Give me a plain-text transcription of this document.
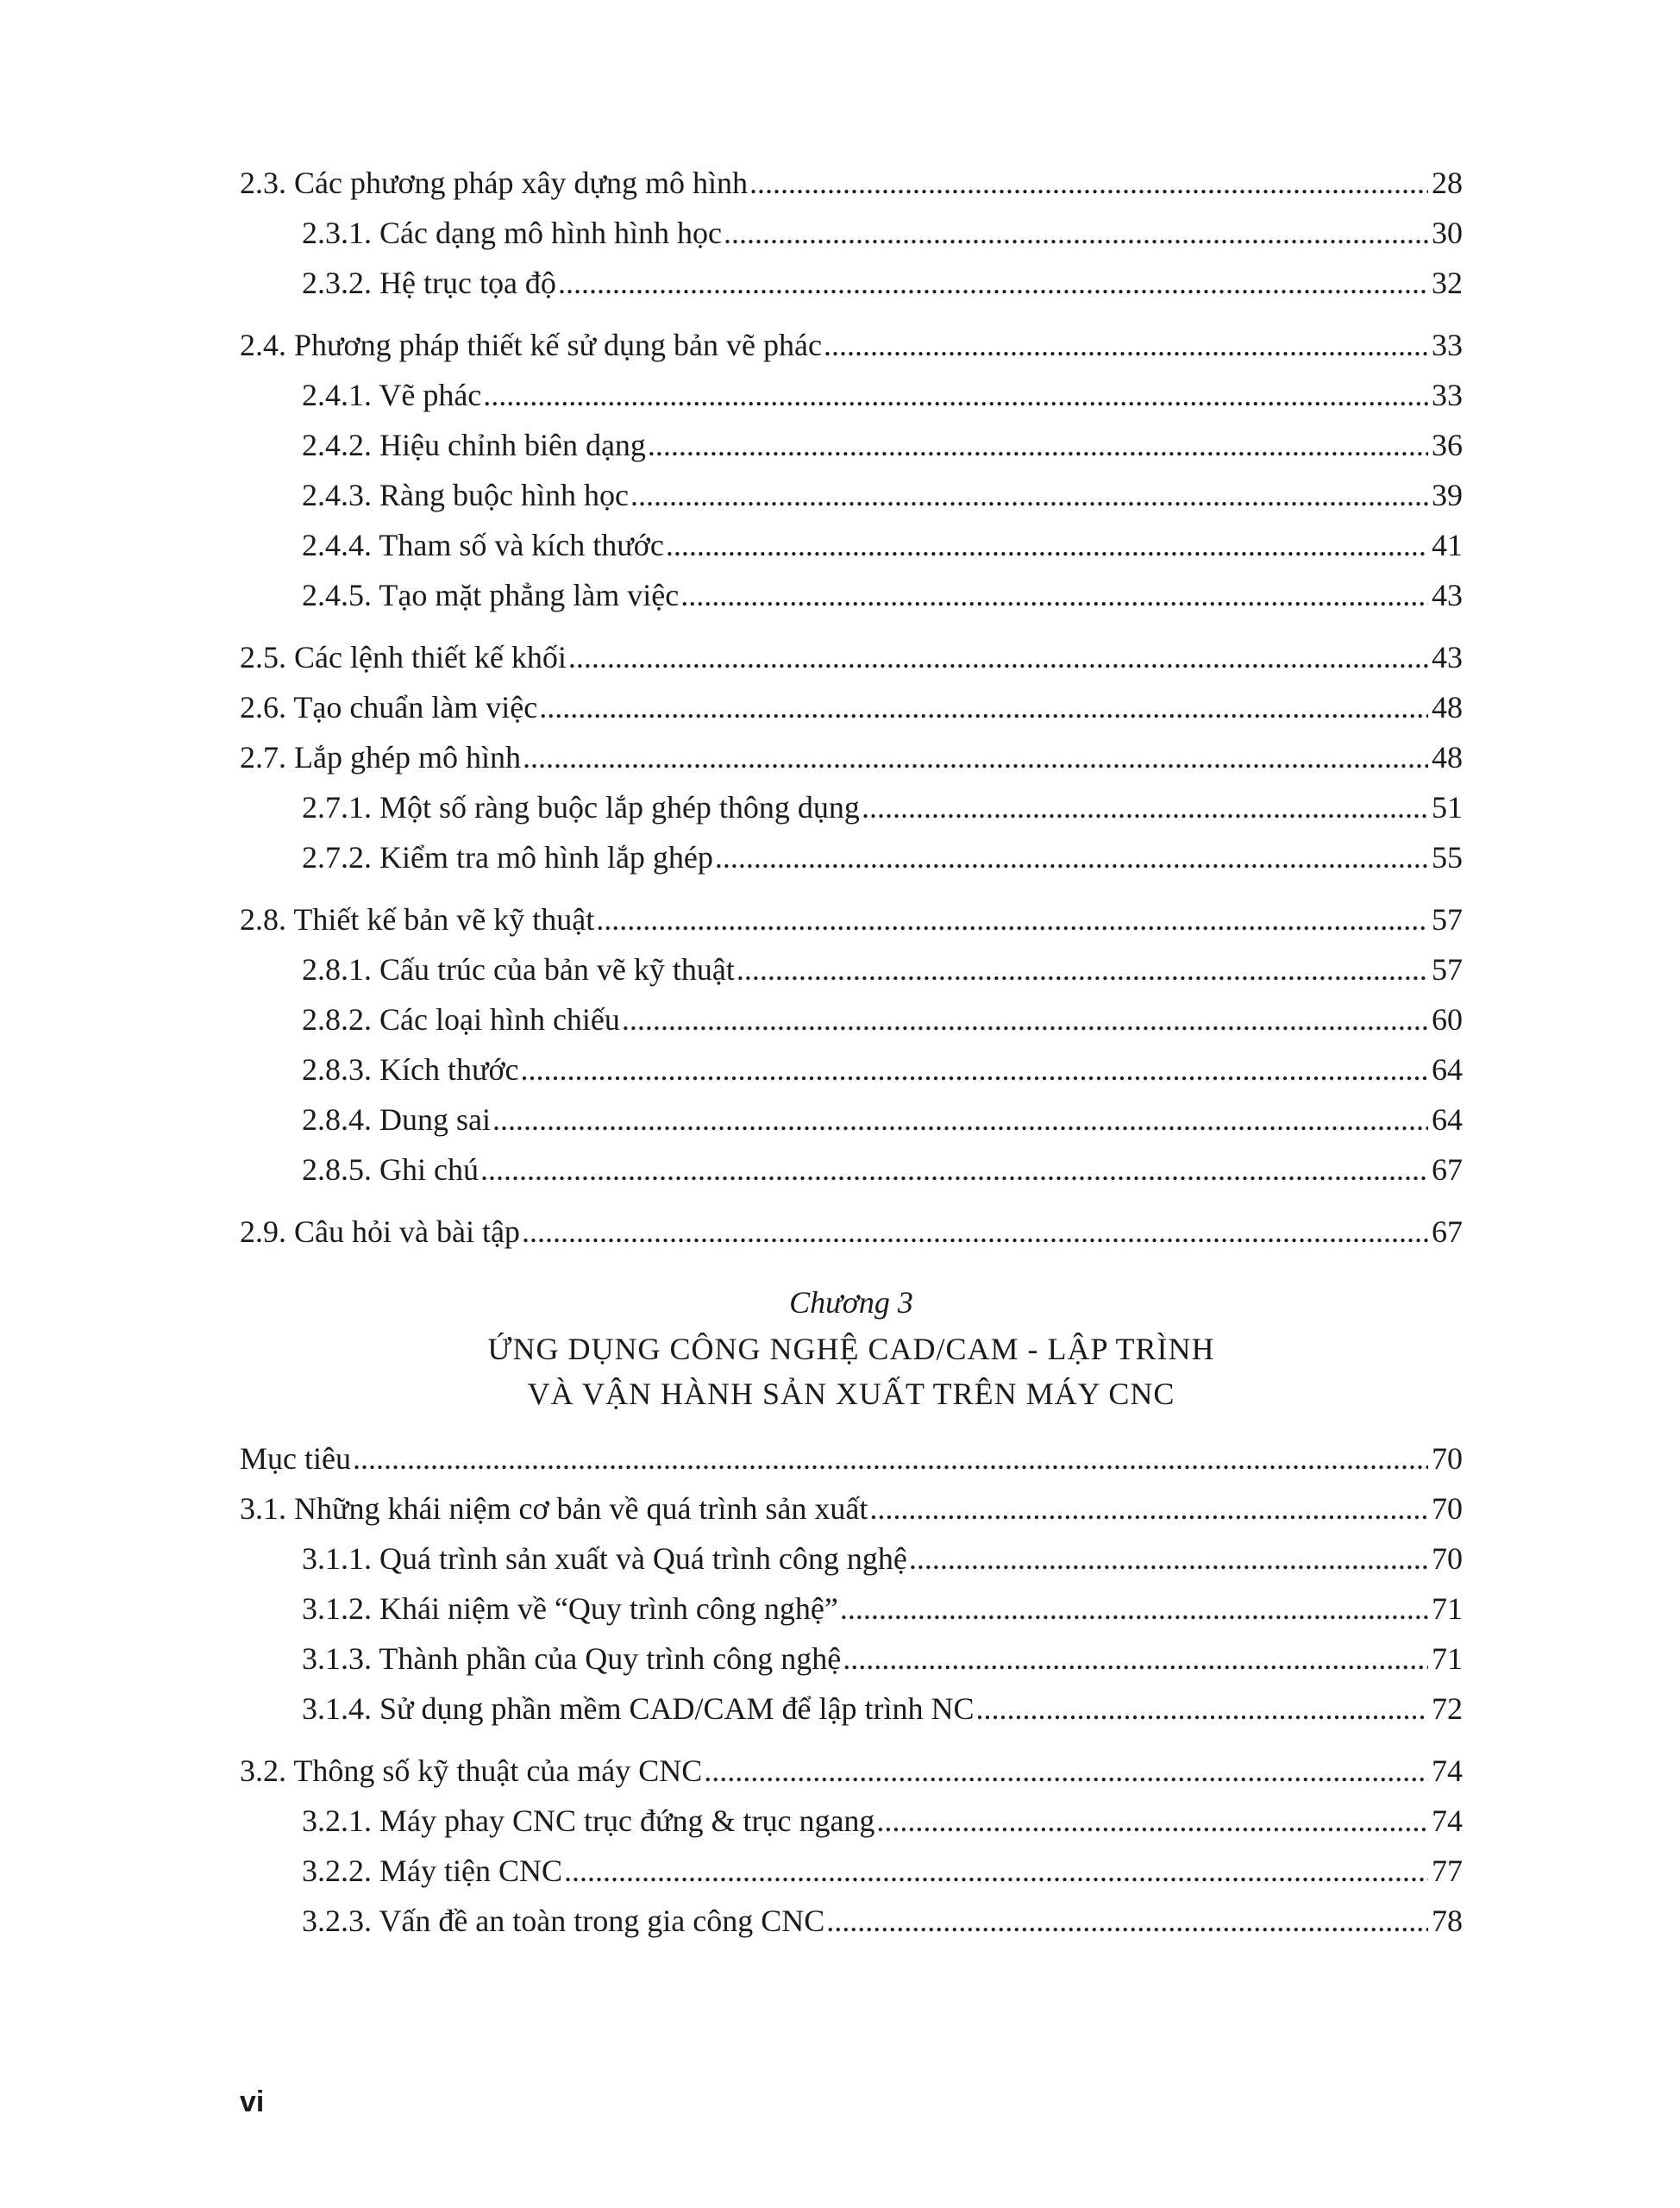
2.3. Các phương pháp xây dựng mô hình .....	28
2.3.1. Các dạng mô hình hình học .....	30
2.3.2. Hệ trục tọa độ .....	32
2.4. Phương pháp thiết kế sử dụng bản vẽ phác .....	33
2.4.1. Vẽ phác .....	33
2.4.2. Hiệu chỉnh biên dạng .....	36
2.4.3. Ràng buộc hình học .....	39
2.4.4. Tham số và kích thước .....	41
2.4.5. Tạo mặt phẳng làm việc .....	43
2.5. Các lệnh thiết kế khối .....	43
2.6. Tạo chuẩn làm việc .....	48
2.7. Lắp ghép mô hình .....	48
2.7.1. Một số ràng buộc lắp ghép thông dụng .....	51
2.7.2. Kiểm tra mô hình lắp ghép .....	55
2.8. Thiết kế bản vẽ kỹ thuật .....	57
2.8.1. Cấu trúc của bản vẽ kỹ thuật .....	57
2.8.2. Các loại hình chiếu .....	60
2.8.3. Kích thước .....	64
2.8.4. Dung sai .....	64
2.8.5. Ghi chú .....	67
2.9. Câu hỏi và bài tập .....	67
Chương 3
ỨNG DỤNG CÔNG NGHỆ CAD/CAM - LẬP TRÌNH
VÀ VẬN HÀNH SẢN XUẤT TRÊN MÁY CNC
Mục tiêu .....	70
3.1. Những khái niệm cơ bản về quá trình sản xuất .....	70
3.1.1. Quá trình sản xuất và Quá trình công nghệ .....	70
3.1.2. Khái niệm về “Quy trình công nghệ” .....	71
3.1.3. Thành phần của Quy trình công nghệ .....	71
3.1.4. Sử dụng phần mềm CAD/CAM để lập trình NC .....	72
3.2. Thông số kỹ thuật của máy CNC .....	74
3.2.1. Máy phay CNC trục đứng & trục ngang .....	74
3.2.2. Máy tiện CNC .....	77
3.2.3. Vấn đề an toàn trong gia công CNC .....	78
vi
